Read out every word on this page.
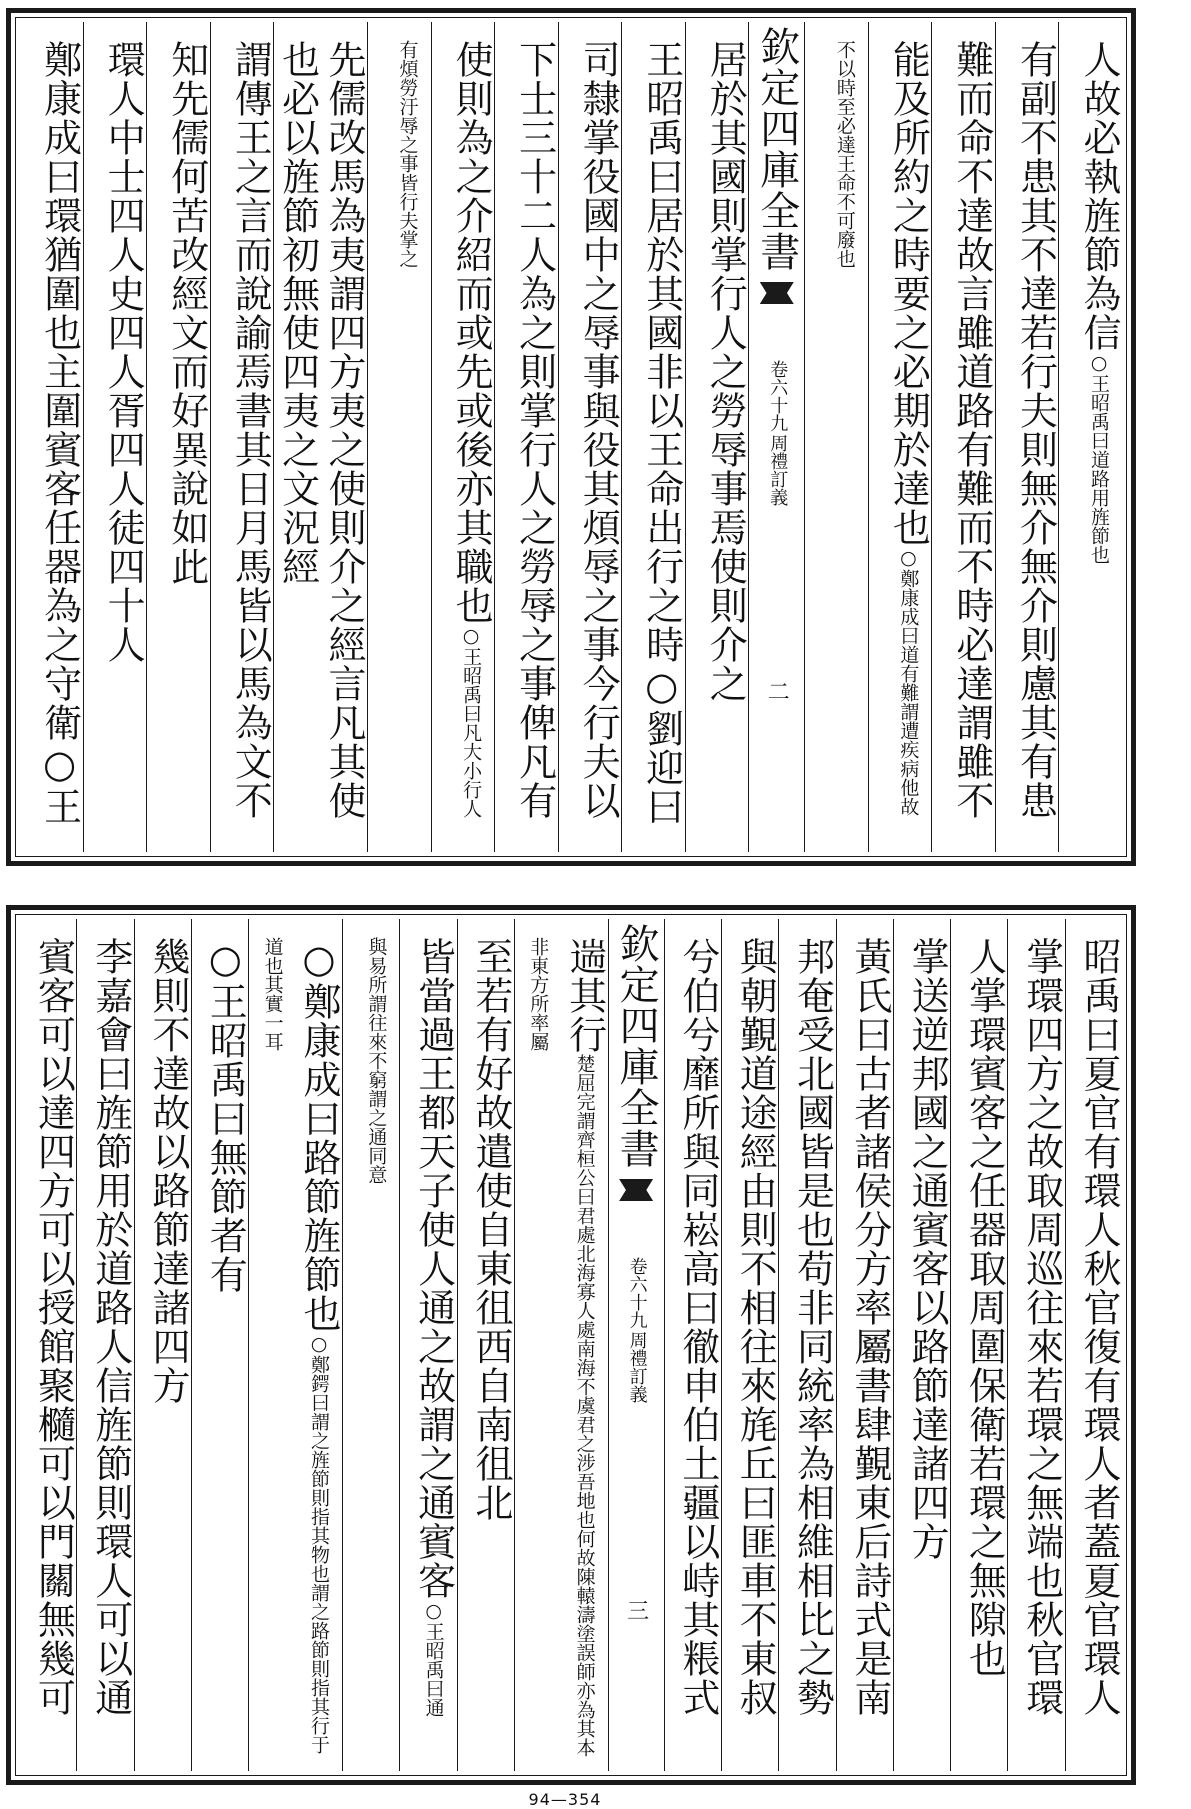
人故必執旌節為信○王昭禹曰道路用旌節也
有副不患其不達若行夫則無介無介則慮其有患
難而命不達故言雖道路有難而不時必達謂雖不
能及所約之時要之必期於達也○鄭康成曰道有難謂遭疾病他故
不以時至必達王命不可廢也
欽定四庫全書
周禮訂義
卷六十九
二
居於其國則掌行人之勞辱事焉使則介之
王昭禹曰居於其國非以王命出行之時○劉迎曰
司隸掌役國中之辱事與役其煩辱之事今行夫以
下士三十二人為之則掌行人之勞辱之事俾凡有
使則為之介紹而或先或後亦其職也○王昭禹曰凡大小行人
有煩勞汙辱之事皆行夫掌之
先儒改馬為夷謂四方夷之使則介之經言凡其使也必以旌節初無使四夷之文況經
謂傳王之言而說諭焉書其日月馬皆以馬為文不
知先儒何苦改經文而好異說如此
環人中士四人史四人胥四人徒四十人
鄭康成曰環猶圍也主圍賓客任器為之守衛○王
昭禹曰夏官有環人秋官復有環人者蓋夏官環人
掌環四方之故取周巡往來若環之無端也秋官環
人掌環賓客之任器取周圍保衛若環之無隙也
掌送逆邦國之通賓客以路節達諸四方
黃氏曰古者諸侯分方率屬書肆覲東后詩式是南
邦奄受北國皆是也苟非同統率為相維相比之勢
與朝覲道途經由則不相往來旄丘曰匪車不東叔
兮伯兮靡所與同崧高曰徹申伯土疆以峙其粻式
欽定四庫全書
周禮訂義
卷六十九
三
遄其行楚屈完謂齊桓公曰君處北海寡人處南海不虞君之涉吾地也何故陳轅濤塗誤師亦為其本非東方所率屬
至若有好故遣使自東徂西自南徂北
皆當過王都天子使人通之故謂之通賓客○王昭禹曰通
與易所謂往來不窮謂之通同意
○鄭康成曰路節旌節也○鄭鍔曰謂之旌節則指其物也謂之路節則指其行于道也其實一耳
○王昭禹曰無節者有
幾則不達故以路節達諸四方
李嘉會曰旌節用於道路人信旌節則環人可以通
賓客可以達四方可以授館聚㰐可以門關無幾可
94—354
